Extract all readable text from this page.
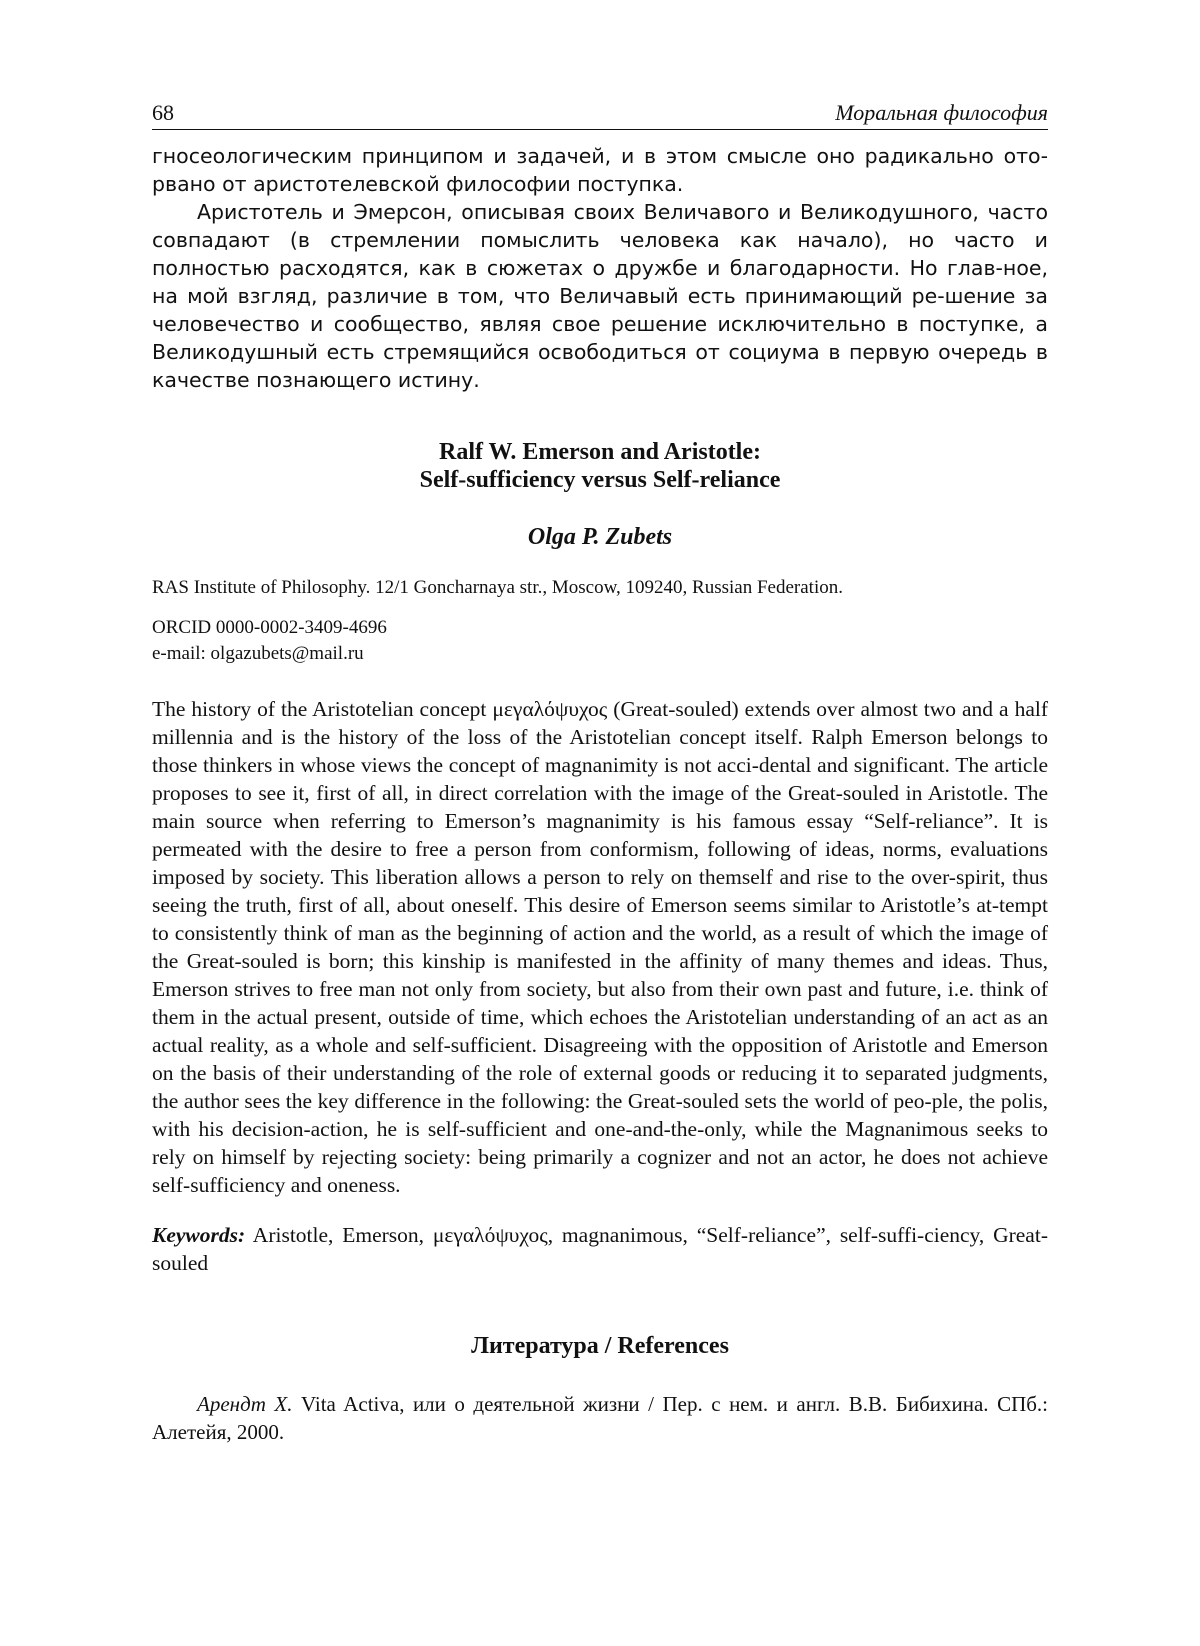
68	Моральная философия

гносеологическим принципом и задачей, и в этом смысле оно радикально ото-рвано от аристотелевской философии поступка.

Аристотель и Эмерсон, описывая своих Величавого и Великодушного, часто совпадают (в стремлении помыслить человека как начало), но часто и полностью расходятся, как в сюжетах о дружбе и благодарности. Но глав-ное, на мой взгляд, различие в том, что Величавый есть принимающий ре-шение за человечество и сообщество, являя свое решение исключительно в поступке, а Великодушный есть стремящийся освободиться от социума в первую очередь в качестве познающего истину.

Ralf W. Emerson and Aristotle:
Self-sufficiency versus Self-reliance
Olga P. Zubets
RAS Institute of Philosophy. 12/1 Goncharnaya str., Moscow, 109240, Russian Federation.
ORCID 0000-0002-3409-4696
e-mail: olgazubets@mail.ru

The history of the Aristotelian concept μεγαλόψυχος (Great-souled) extends over almost two and a half millennia and is the history of the loss of the Aristotelian concept itself. Ralph Emerson belongs to those thinkers in whose views the concept of magnanimity is not acci-dental and significant. The article proposes to see it, first of all, in direct correlation with the image of the Great-souled in Aristotle. The main source when referring to Emerson’s magnanimity is his famous essay “Self-reliance”. It is permeated with the desire to free a person from conformism, following of ideas, norms, evaluations imposed by society. This liberation allows a person to rely on themself and rise to the over-spirit, thus seeing the truth, first of all, about oneself. This desire of Emerson seems similar to Aristotle’s at-tempt to consistently think of man as the beginning of action and the world, as a result of which the image of the Great-souled is born; this kinship is manifested in the affinity of many themes and ideas. Thus, Emerson strives to free man not only from society, but also from their own past and future, i.e. think of them in the actual present, outside of time, which echoes the Aristotelian understanding of an act as an actual reality, as a whole and self-sufficient. Disagreeing with the opposition of Aristotle and Emerson on the basis of their understanding of the role of external goods or reducing it to separated judgments, the author sees the key difference in the following: the Great-souled sets the world of peo-ple, the polis, with his decision-action, he is self-sufficient and one-and-the-only, while the Magnanimous seeks to rely on himself by rejecting society: being primarily a cognizer and not an actor, he does not achieve self-sufficiency and oneness.

Keywords: Aristotle, Emerson, μεγαλόψυχος, magnanimous, “Self-reliance”, self-suffi-ciency, Great-souled

Литература / References

Арендт Х. Vita Activa, или о деятельной жизни / Пер. с нем. и англ. В.В. Бибихина. СПб.: Алетейя, 2000.
